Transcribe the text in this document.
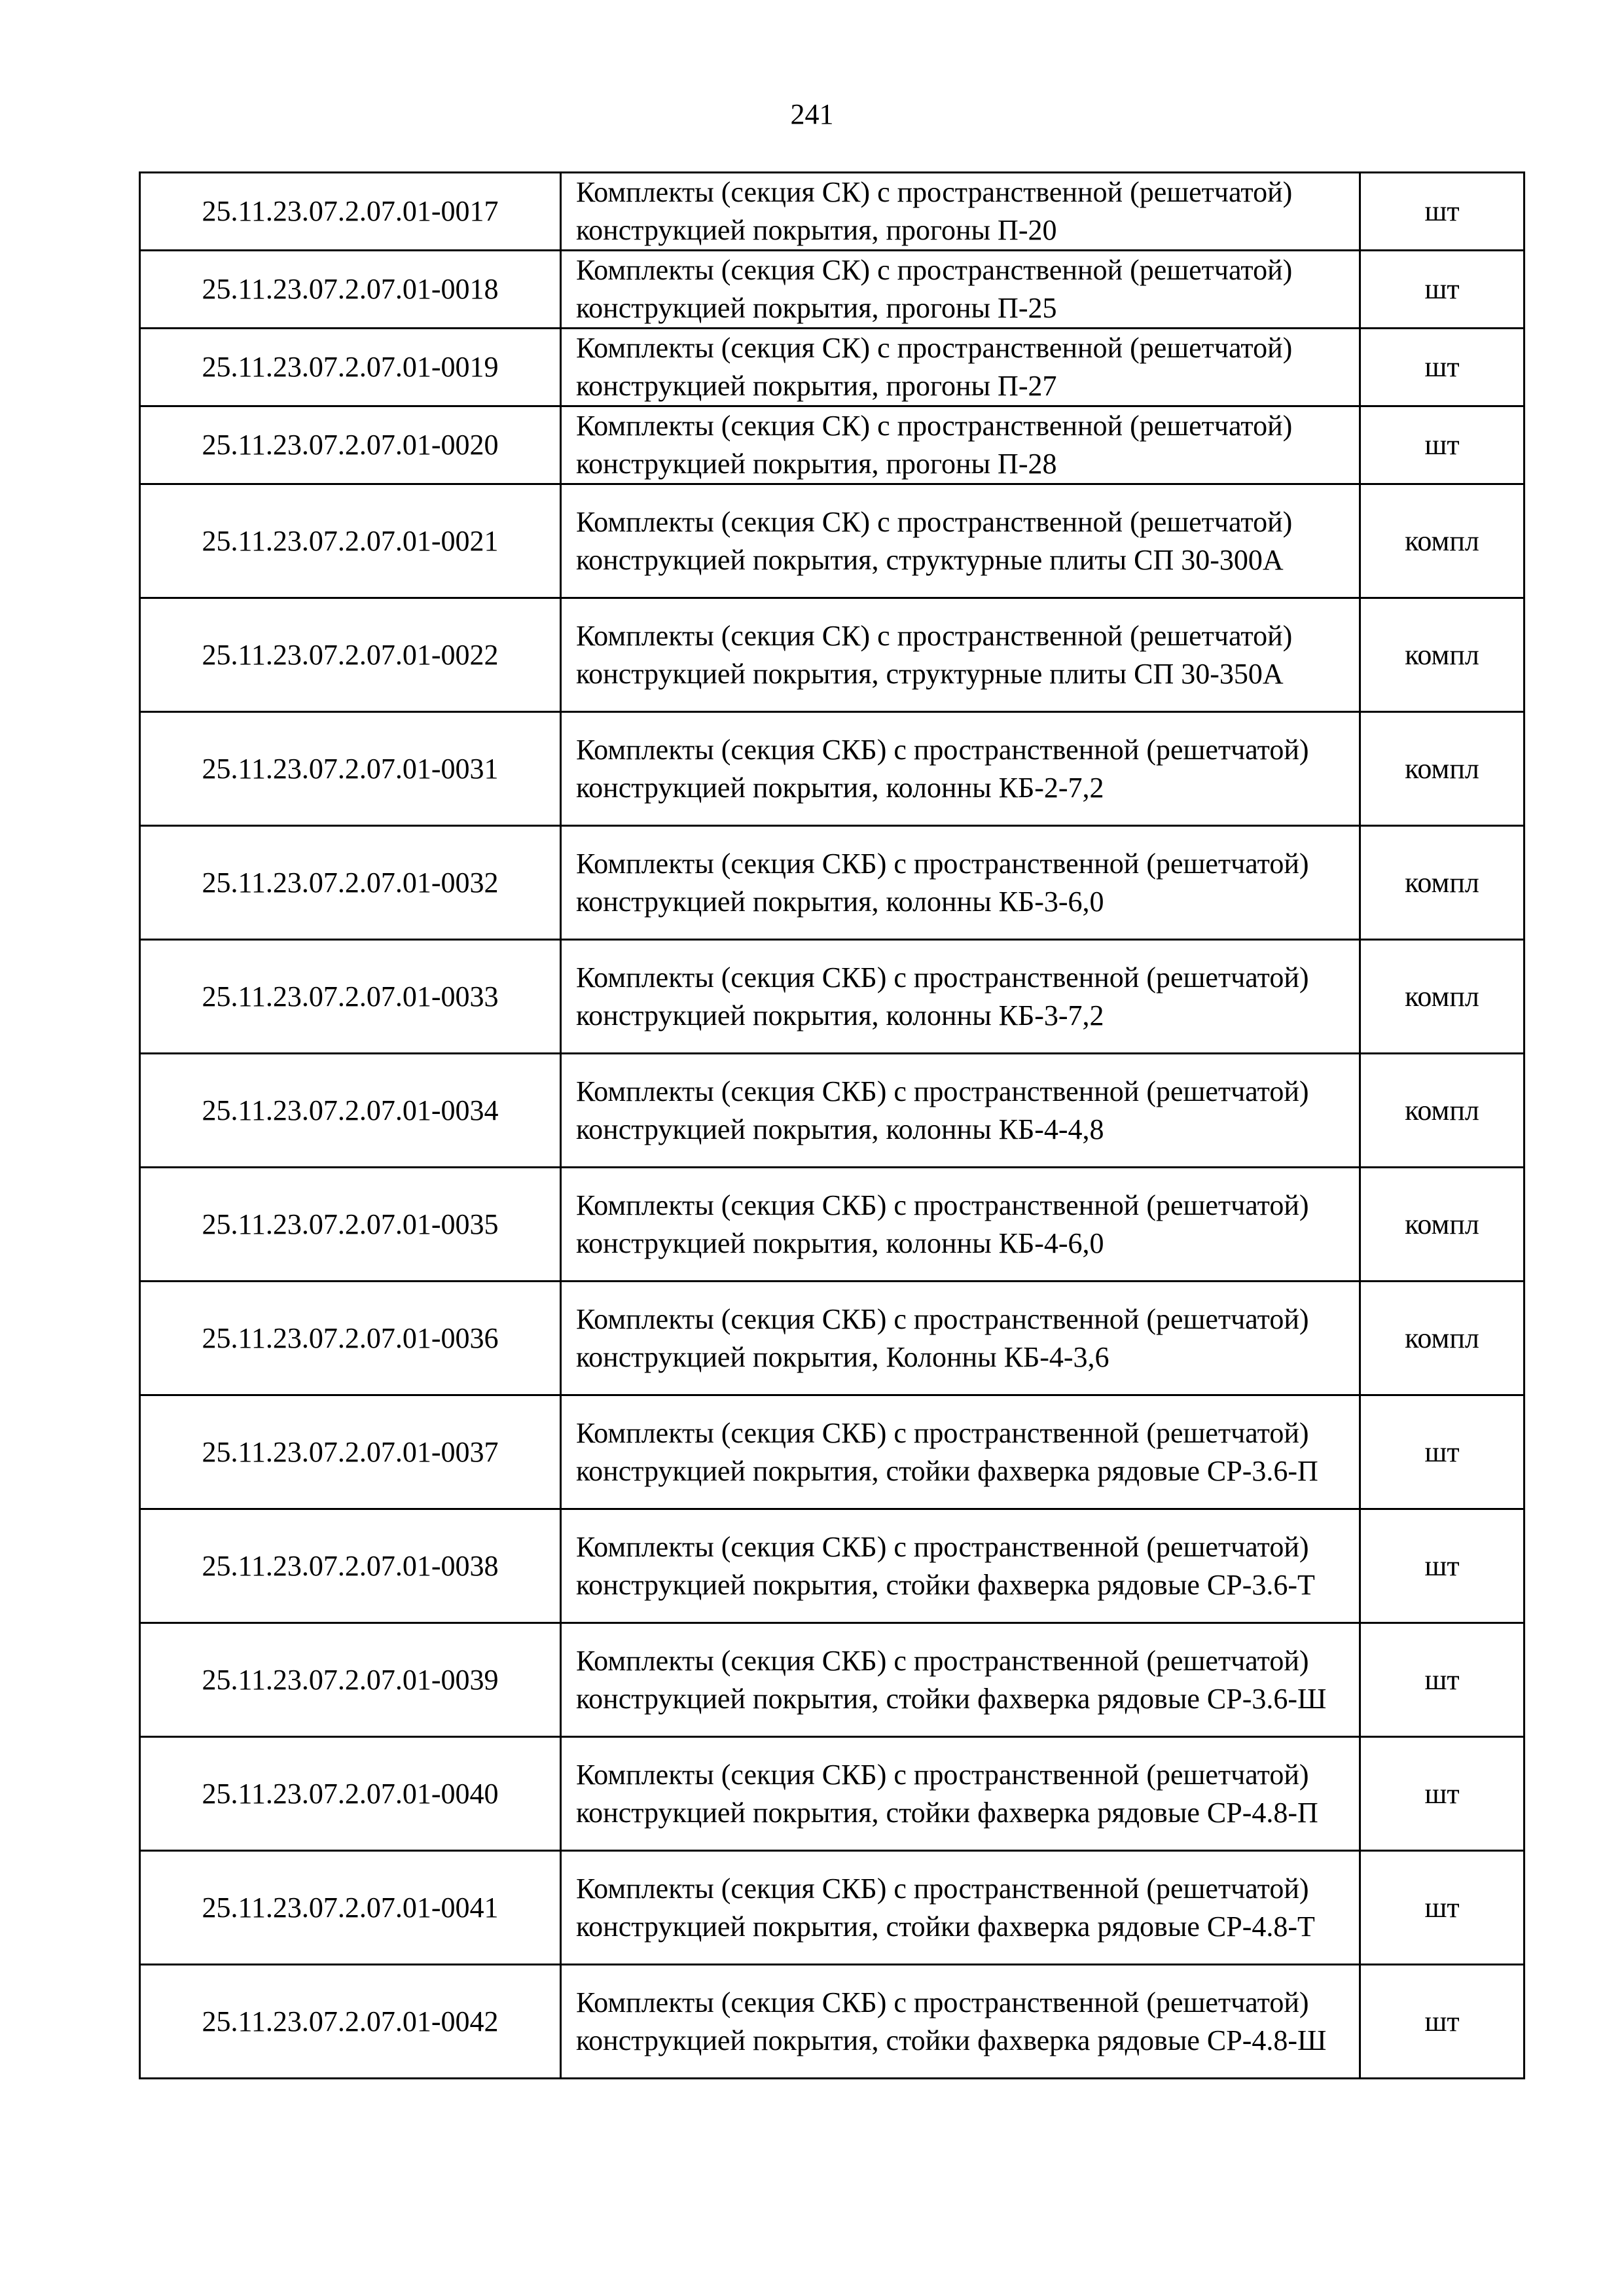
241
25.11.23.07.2.07.01-0017	Комплекты (секция СК) с пространственной (решетчатой) конструкцией покрытия, прогоны П-20	шт
25.11.23.07.2.07.01-0018	Комплекты (секция СК) с пространственной (решетчатой) конструкцией покрытия, прогоны П-25	шт
25.11.23.07.2.07.01-0019	Комплекты (секция СК) с пространственной (решетчатой) конструкцией покрытия, прогоны П-27	шт
25.11.23.07.2.07.01-0020	Комплекты (секция СК) с пространственной (решетчатой) конструкцией покрытия, прогоны П-28	шт
25.11.23.07.2.07.01-0021	Комплекты (секция СК) с пространственной (решетчатой) конструкцией покрытия, структурные плиты СП 30-300А	компл
25.11.23.07.2.07.01-0022	Комплекты (секция СК) с пространственной (решетчатой) конструкцией покрытия, структурные плиты СП 30-350А	компл
25.11.23.07.2.07.01-0031	Комплекты (секция СКБ) с пространственной (решетчатой) конструкцией покрытия, колонны КБ-2-7,2	компл
25.11.23.07.2.07.01-0032	Комплекты (секция СКБ) с пространственной (решетчатой) конструкцией покрытия, колонны КБ-3-6,0	компл
25.11.23.07.2.07.01-0033	Комплекты (секция СКБ) с пространственной (решетчатой) конструкцией покрытия, колонны КБ-3-7,2	компл
25.11.23.07.2.07.01-0034	Комплекты (секция СКБ) с пространственной (решетчатой) конструкцией покрытия, колонны КБ-4-4,8	компл
25.11.23.07.2.07.01-0035	Комплекты (секция СКБ) с пространственной (решетчатой) конструкцией покрытия, колонны КБ-4-6,0	компл
25.11.23.07.2.07.01-0036	Комплекты (секция СКБ) с пространственной (решетчатой) конструкцией покрытия, Колонны КБ-4-3,6	компл
25.11.23.07.2.07.01-0037	Комплекты (секция СКБ) с пространственной (решетчатой) конструкцией покрытия, стойки фахверка рядовые СР-3.6-П	шт
25.11.23.07.2.07.01-0038	Комплекты (секция СКБ) с пространственной (решетчатой) конструкцией покрытия, стойки фахверка рядовые СР-3.6-Т	шт
25.11.23.07.2.07.01-0039	Комплекты (секция СКБ) с пространственной (решетчатой) конструкцией покрытия, стойки фахверка рядовые СР-3.6-Ш	шт
25.11.23.07.2.07.01-0040	Комплекты (секция СКБ) с пространственной (решетчатой) конструкцией покрытия, стойки фахверка рядовые СР-4.8-П	шт
25.11.23.07.2.07.01-0041	Комплекты (секция СКБ) с пространственной (решетчатой) конструкцией покрытия, стойки фахверка рядовые СР-4.8-Т	шт
25.11.23.07.2.07.01-0042	Комплекты (секция СКБ) с пространственной (решетчатой) конструкцией покрытия, стойки фахверка рядовые СР-4.8-Ш	шт
